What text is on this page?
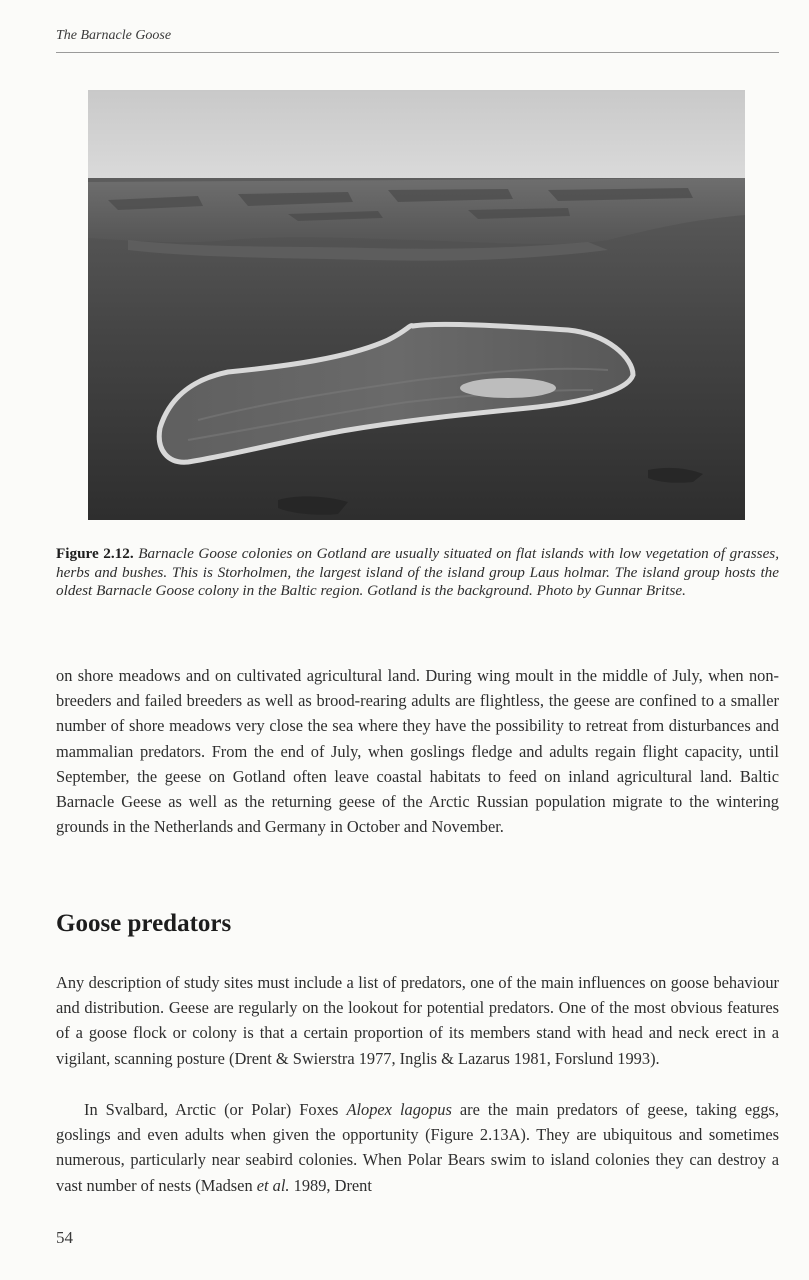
The Barnacle Goose
Figure 2.12. Barnacle Goose colonies on Gotland are usually situated on flat islands with low vegetation of grasses, herbs and bushes. This is Storholmen, the largest island of the island group Laus holmar. The island group hosts the oldest Barnacle Goose colony in the Baltic region. Gotland is the background. Photo by Gunnar Britse.

on shore meadows and on cultivated agricultural land. During wing moult in the middle of July, when non-breeders and failed breeders as well as brood-rearing adults are flightless, the geese are confined to a smaller number of shore meadows very close the sea where they have the possibility to retreat from disturbances and mammalian predators. From the end of July, when goslings fledge and adults regain flight capacity, until September, the geese on Gotland often leave coastal habitats to feed on inland agricultural land. Baltic Barnacle Geese as well as the returning geese of the Arctic Russian population migrate to the wintering grounds in the Netherlands and Germany in October and November.

Goose predators

Any description of study sites must include a list of predators, one of the main influences on goose behaviour and distribution. Geese are regularly on the lookout for potential predators. One of the most obvious features of a goose flock or colony is that a certain proportion of its members stand with head and neck erect in a vigilant, scanning posture (Drent & Swierstra 1977, Inglis & Lazarus 1981, Forslund 1993).

In Svalbard, Arctic (or Polar) Foxes Alopex lagopus are the main predators of geese, taking eggs, goslings and even adults when given the opportunity (Figure 2.13A). They are ubiquitous and sometimes numerous, particularly near seabird colonies. When Polar Bears swim to island colonies they can destroy a vast number of nests (Madsen et al. 1989, Drent

54
